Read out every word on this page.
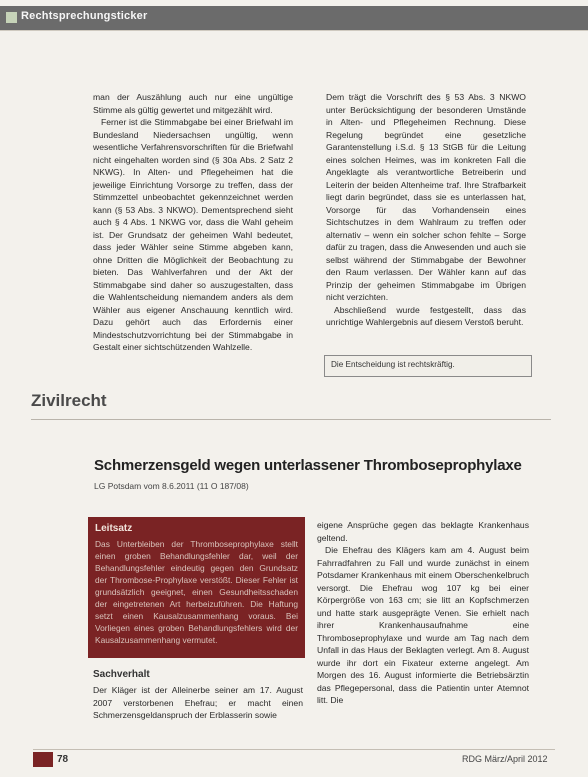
Rechtsprechungsticker

man der Auszählung auch nur eine ungültige Stimme als gültig gewertet und mitgezählt wird.

Ferner ist die Stimmabgabe bei einer Briefwahl im Bundesland Niedersachsen ungültig, wenn wesentliche Verfahrensvorschriften für die Briefwahl nicht eingehalten worden sind (§ 30a Abs. 2 Satz 2 NKWG). In Alten- und Pflegeheimen hat die jeweilige Einrichtung Vorsorge zu treffen, dass der Stimmzettel unbeobachtet gekennzeichnet werden kann (§ 53 Abs. 3 NKWO). Dementsprechend sieht auch § 4 Abs. 1 NKWG vor, dass die Wahl geheim ist. Der Grundsatz der geheimen Wahl bedeutet, dass jeder Wähler seine Stimme abgeben kann, ohne Dritten die Möglichkeit der Beobachtung zu bieten. Das Wahlverfahren und der Akt der Stimmabgabe sind daher so auszugestalten, dass die Wahlentscheidung niemandem anders als dem Wähler aus eigener Anschauung kenntlich wird. Dazu gehört auch das Erfordernis einer Mindestschutzvorrichtung bei der Stimmabgabe in Gestalt einer sichtschützenden Wahlzelle.

Dem trägt die Vorschrift des § 53 Abs. 3 NKWO unter Berücksichtigung der besonderen Umstände in Alten- und Pflegeheimen Rechnung. Diese Regelung begründet eine gesetzliche Garantenstellung i.S.d. § 13 StGB für die Leitung eines solchen Heimes, was im konkreten Fall die Angeklagte als verantwortliche Betreiberin und Leiterin der beiden Altenheime traf. Ihre Strafbarkeit liegt darin begründet, dass sie es unterlassen hat, Vorsorge für das Vorhandensein eines Sichtschutzes in dem Wahlraum zu treffen oder alternativ – wenn ein solcher schon fehlte – Sorge dafür zu tragen, dass die Anwesenden und auch sie selbst während der Stimmabgabe der Bewohner den Raum verlassen. Der Wähler kann auf das Prinzip der geheimen Stimmabgabe im Übrigen nicht verzichten.

Abschließend wurde festgestellt, dass das unrichtige Wahlergebnis auf diesem Verstoß beruht.

Die Entscheidung ist rechtskräftig.
Zivilrecht
Schmerzensgeld wegen unterlassener Thromboseprophylaxe
LG Potsdam vom 8.6.2011 (11 O 187/08)
Leitsatz
Das Unterbleiben der Thromboseprophylaxe stellt einen groben Behandlungsfehler dar, weil der Behandlungsfehler eindeutig gegen den Grundsatz der Thrombose-Prophylaxe verstößt. Dieser Fehler ist grundsätzlich geeignet, einen Gesundheitsschaden der eingetretenen Art herbeizuführen. Die Haftung setzt einen Kausalzusammenhang voraus. Bei Vorliegen eines groben Behandlungsfehlers wird der Kausalzusammenhang vermutet.
Sachverhalt

Der Kläger ist der Alleinerbe seiner am 17. August 2007 verstorbenen Ehefrau; er macht einen Schmerzensgeldanspruch der Erblasserin sowie

eigene Ansprüche gegen das beklagte Krankenhaus geltend.

Die Ehefrau des Klägers kam am 4. August beim Fahrradfahren zu Fall und wurde zunächst in einem Potsdamer Krankenhaus mit einem Oberschenkelbruch versorgt. Die Ehefrau wog 107 kg bei einer Körpergröße von 163 cm; sie litt an Kopfschmerzen und hatte stark ausgeprägte Venen. Sie erhielt nach ihrer Krankenhausaufnahme eine Thromboseprophylaxe und wurde am Tag nach dem Unfall in das Haus der Beklagten verlegt. Am 8. August wurde ihr dort ein Fixateur externe angelegt. Am Morgen des 16. August informierte die Betriebsärztin das Pflegepersonal, dass die Patientin unter Atemnot litt. Die

78	RDG März/April 2012
